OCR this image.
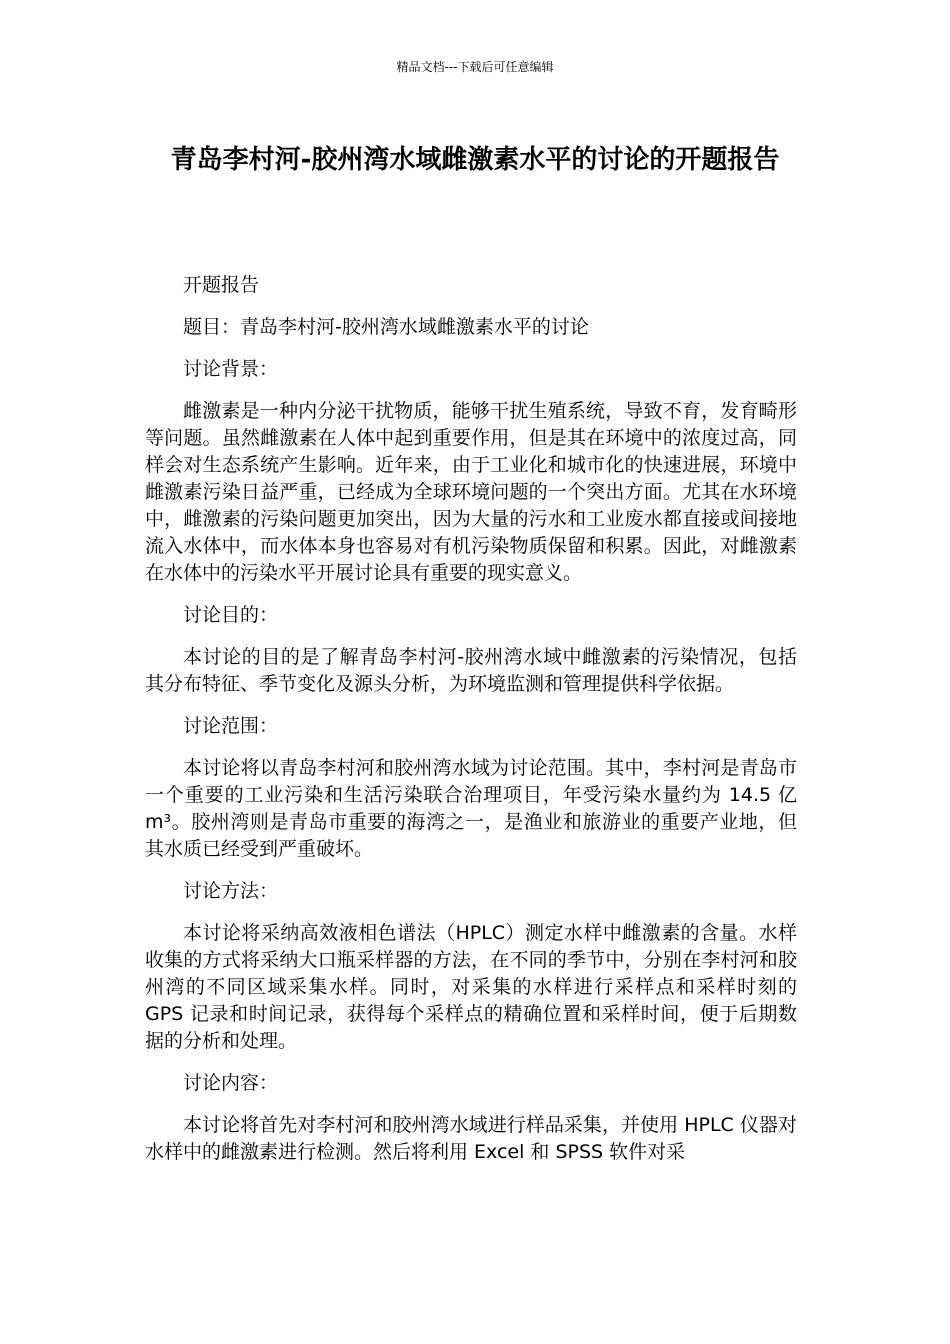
精品文档---下载后可任意编辑
青岛李村河-胶州湾水域雌激素水平的讨论的开题报告

开题报告

题目：青岛李村河-胶州湾水域雌激素水平的讨论

讨论背景：

雌激素是一种内分泌干扰物质，能够干扰生殖系统，导致不育，发育畸形等问题。虽然雌激素在人体中起到重要作用，但是其在环境中的浓度过高，同样会对生态系统产生影响。近年来，由于工业化和城市化的快速进展，环境中雌激素污染日益严重，已经成为全球环境问题的一个突出方面。尤其在水环境中，雌激素的污染问题更加突出，因为大量的污水和工业废水都直接或间接地流入水体中，而水体本身也容易对有机污染物质保留和积累。因此，对雌激素在水体中的污染水平开展讨论具有重要的现实意义。

讨论目的：

本讨论的目的是了解青岛李村河-胶州湾水域中雌激素的污染情况，包括其分布特征、季节变化及源头分析，为环境监测和管理提供科学依据。

讨论范围：

本讨论将以青岛李村河和胶州湾水域为讨论范围。其中，李村河是青岛市一个重要的工业污染和生活污染联合治理项目，年受污染水量约为 14.5 亿 m³。胶州湾则是青岛市重要的海湾之一，是渔业和旅游业的重要产业地，但其水质已经受到严重破坏。

讨论方法：

本讨论将采纳高效液相色谱法（HPLC）测定水样中雌激素的含量。水样收集的方式将采纳大口瓶采样器的方法，在不同的季节中，分别在李村河和胶州湾的不同区域采集水样。同时，对采集的水样进行采样点和采样时刻的 GPS 记录和时间记录，获得每个采样点的精确位置和采样时间，便于后期数据的分析和处理。

讨论内容：

本讨论将首先对李村河和胶州湾水域进行样品采集，并使用 HPLC 仪器对水样中的雌激素进行检测。然后将利用 Excel 和 SPSS 软件对采
